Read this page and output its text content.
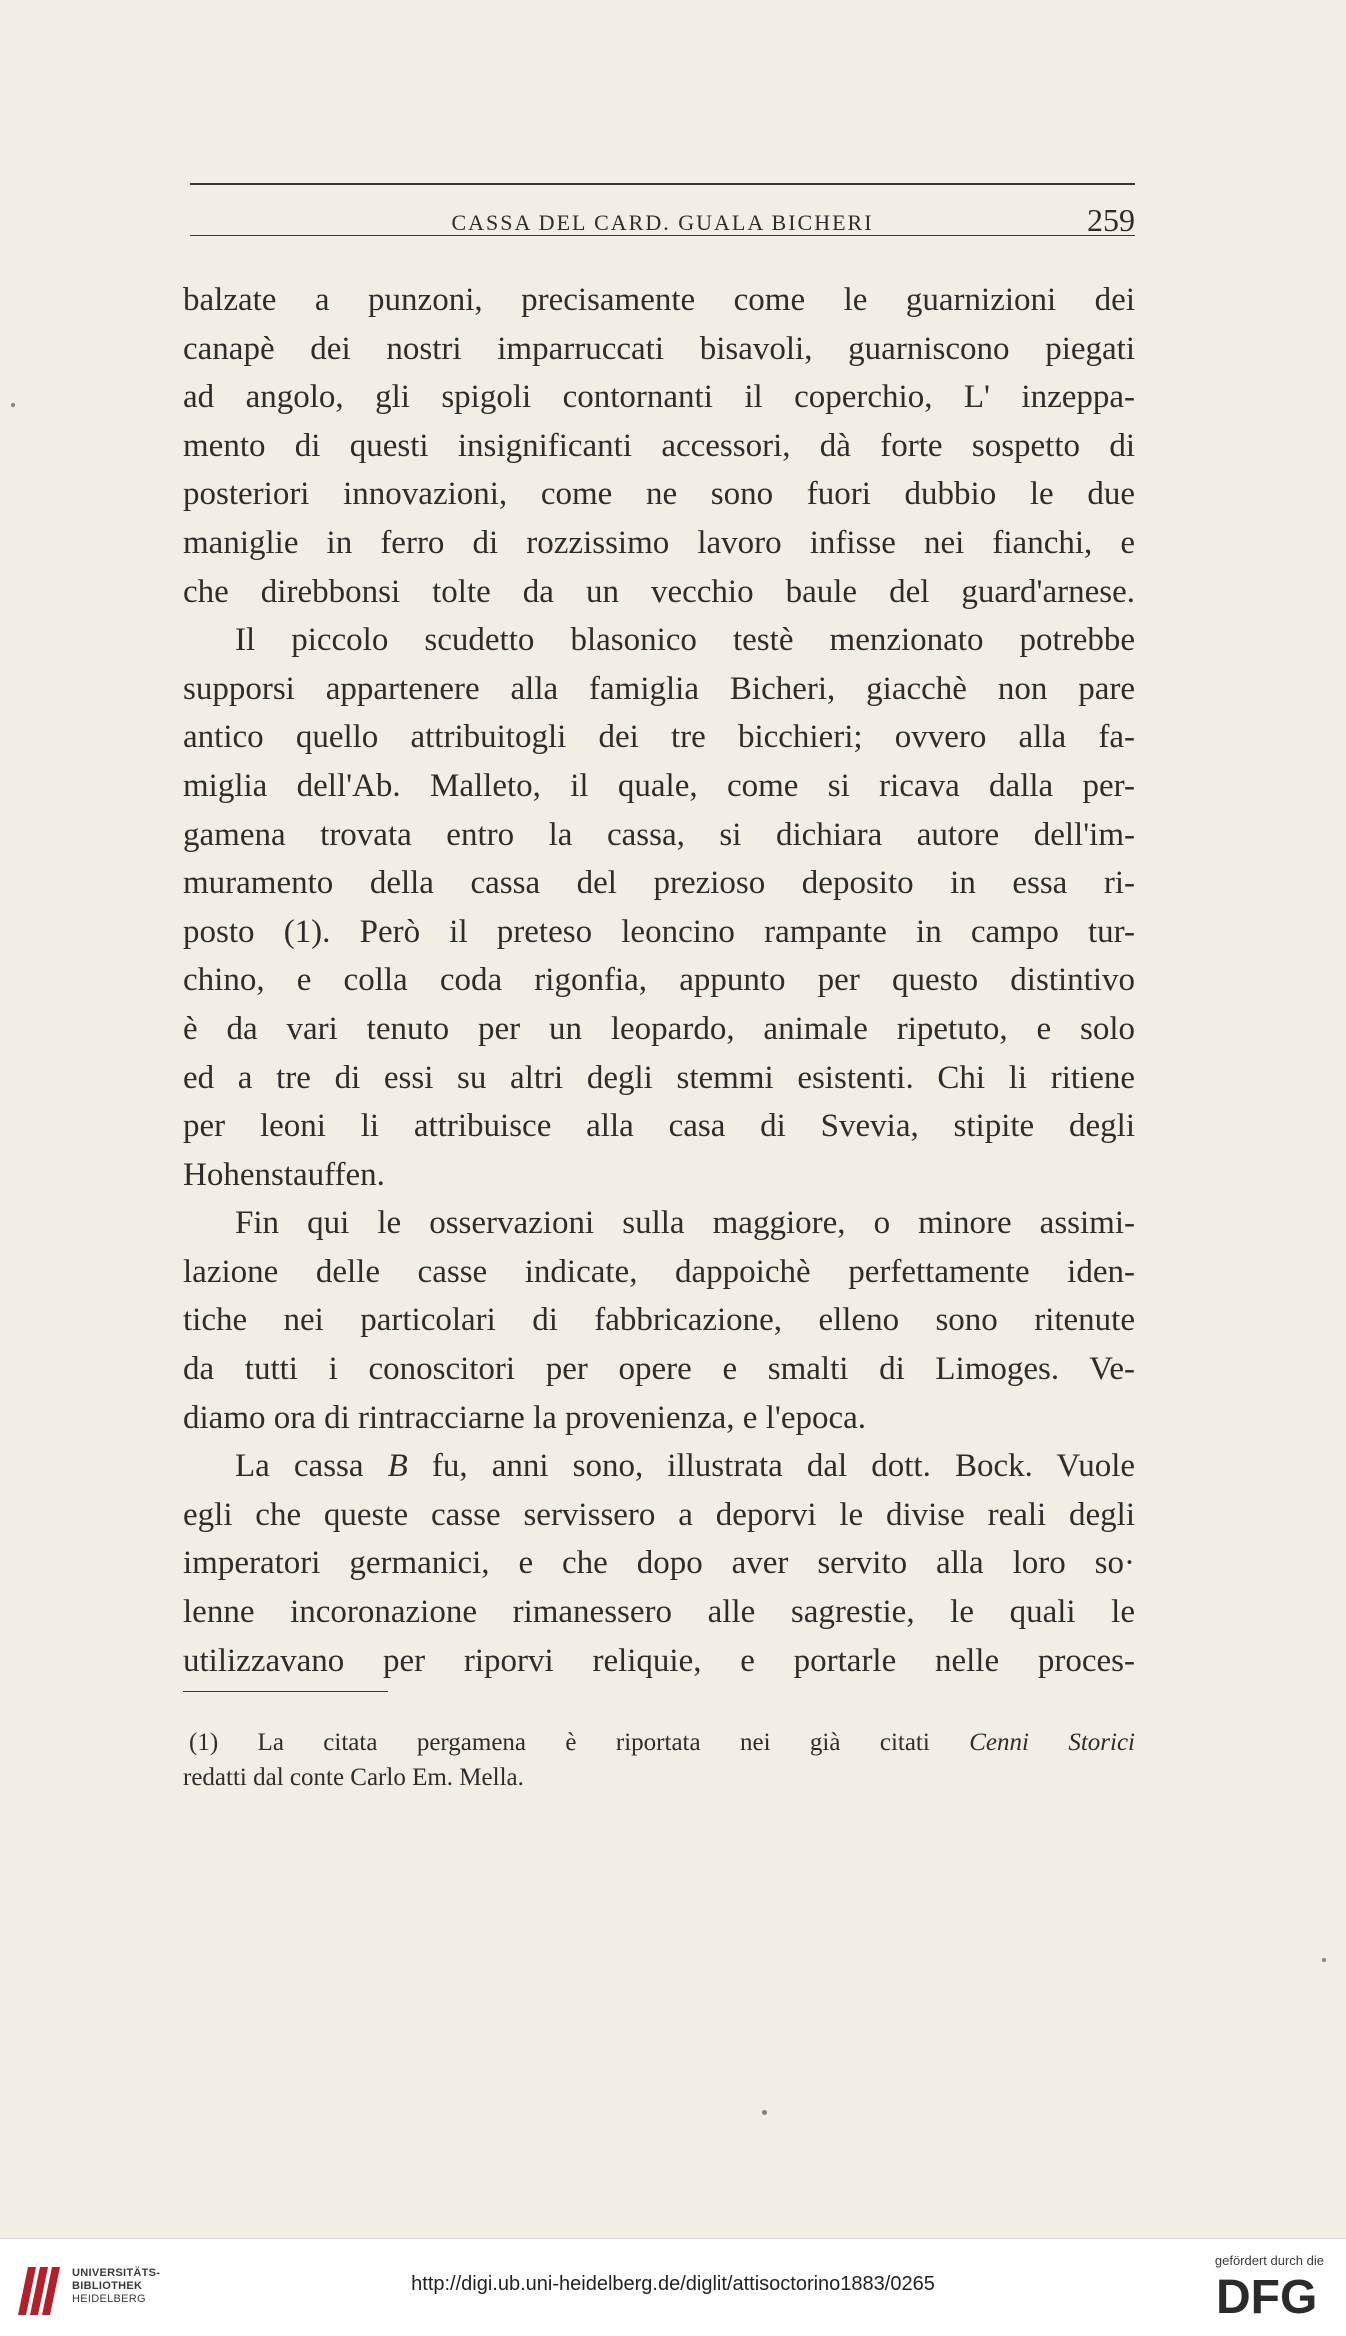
CASSA DEL CARD. GUALA BICHERI	259
balzate a punzoni, precisamente come le guarnizioni dei
canapè dei nostri imparruccati bisavoli, guarniscono piegati
ad angolo, gli spigoli contornanti il coperchio, L' inzeppa-
mento di questi insignificanti accessori, dà forte sospetto di
posteriori innovazioni, come ne sono fuori dubbio le due
maniglie in ferro di rozzissimo lavoro infisse nei fianchi, e
che direbbonsi tolte da un vecchio baule del guard'arnese.
Il piccolo scudetto blasonico testè menzionato potrebbe
supporsi appartenere alla famiglia Bicheri, giacchè non pare
antico quello attribuitogli dei tre bicchieri; ovvero alla fa-
miglia dell'Ab. Malleto, il quale, come si ricava dalla per-
gamena trovata entro la cassa, si dichiara autore dell'im-
muramento della cassa del prezioso deposito in essa ri-
posto (1). Però il preteso leoncino rampante in campo tur-
chino, e colla coda rigonfia, appunto per questo distintivo
è da vari tenuto per un leopardo, animale ripetuto, e solo
ed a tre di essi su altri degli stemmi esistenti. Chi li ritiene
per leoni li attribuisce alla casa di Svevia, stipite degli
Hohenstauffen.
Fin qui le osservazioni sulla maggiore, o minore assimi-
lazione delle casse indicate, dappoichè perfettamente iden-
tiche nei particolari di fabbricazione, elleno sono ritenute
da tutti i conoscitori per opere e smalti di Limoges. Ve-
diamo ora di rintracciarne la provenienza, e l'epoca.
La cassa B fu, anni sono, illustrata dal dott. Bock. Vuole
egli che queste casse servissero a deporvi le divise reali degli
imperatori germanici, e che dopo aver servito alla loro so·
lenne incoronazione rimanessero alle sagrestie, le quali le
utilizzavano per riporvi reliquie, e portarle nelle proces-
(1) La citata pergamena è riportata nei già citati Cenni Storici
redatti dal conte Carlo Em. Mella.
UNIVERSITÄTS-
BIBLIOTHEK
HEIDELBERG
http://digi.ub.uni-heidelberg.de/diglit/attisoctorino1883/0265
gefördert durch die
DFG
